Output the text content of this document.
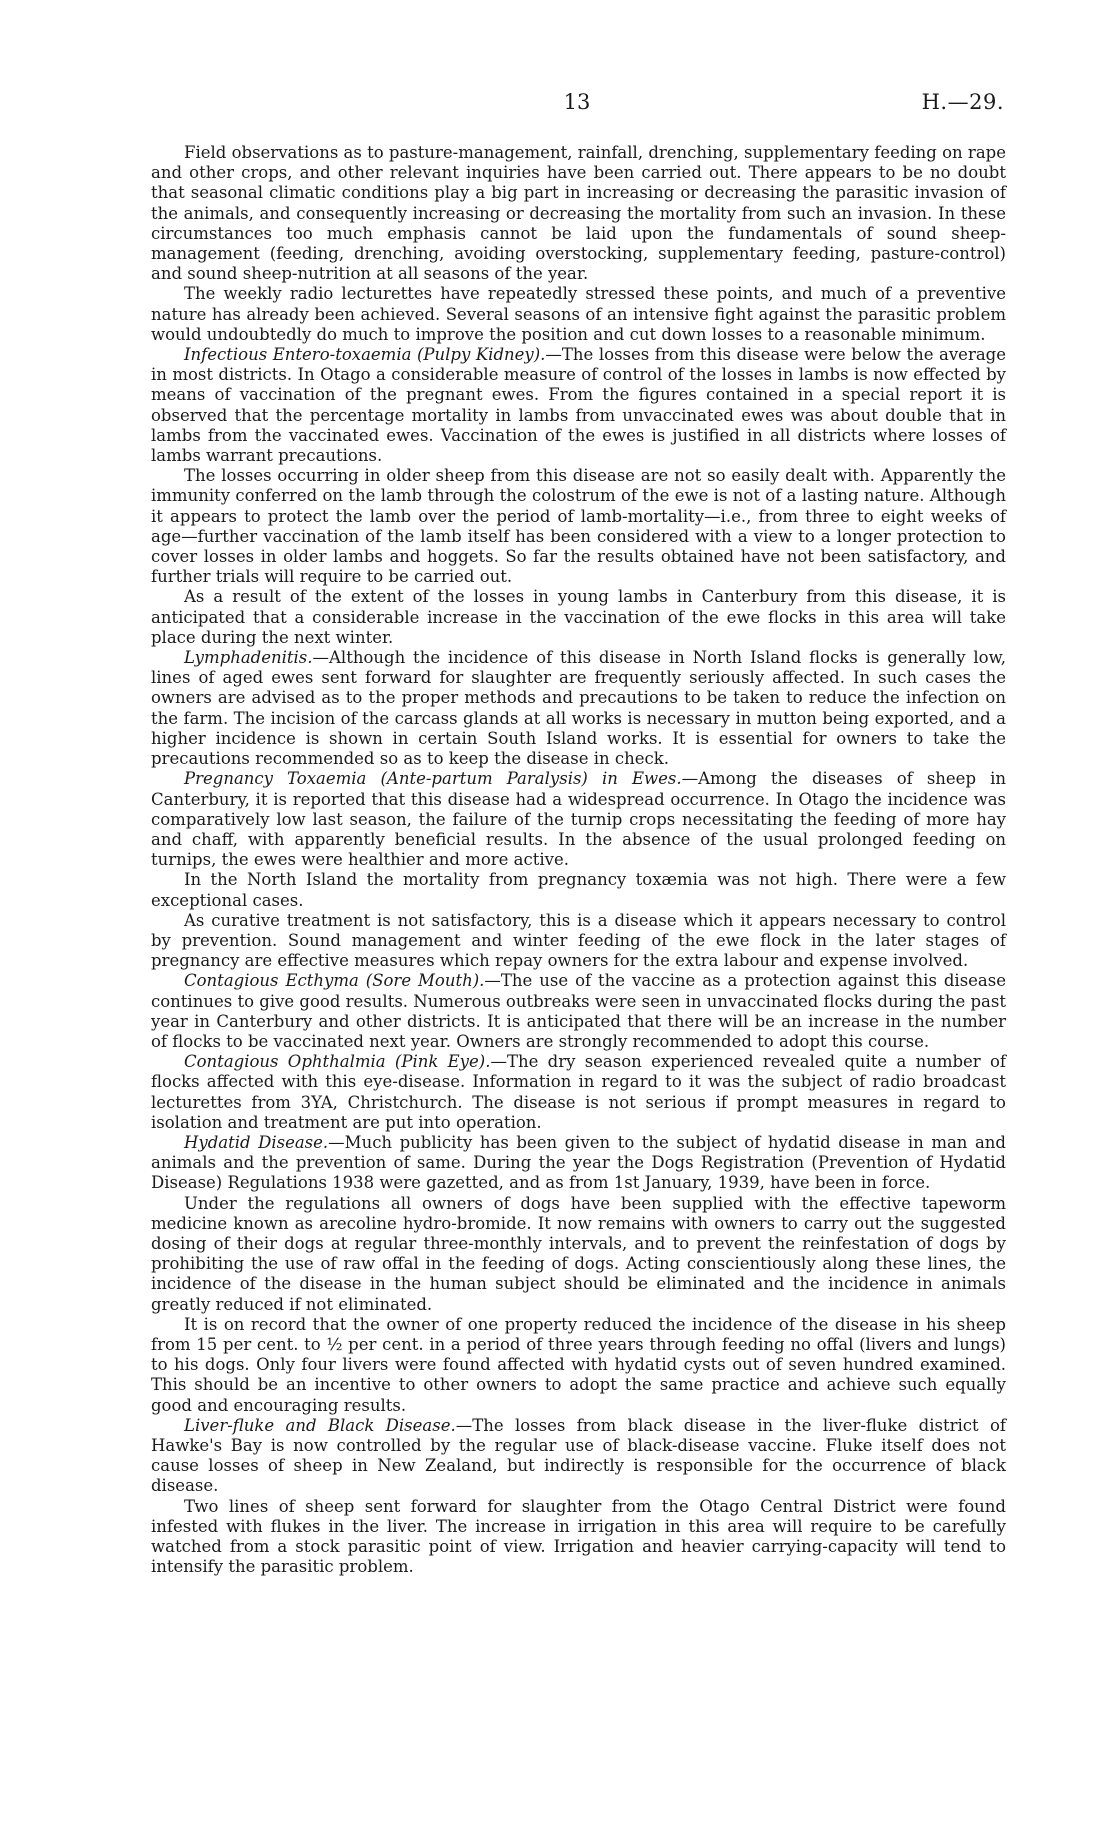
13	H.—29.

Field observations as to pasture-management, rainfall, drenching, supplementary feeding on rape and other crops, and other relevant inquiries have been carried out. There appears to be no doubt that seasonal climatic conditions play a big part in increasing or decreasing the parasitic invasion of the animals, and consequently increasing or decreasing the mortality from such an invasion. In these circumstances too much emphasis cannot be laid upon the fundamentals of sound sheep-management (feeding, drenching, avoiding overstocking, supplementary feeding, pasture-control) and sound sheep-nutrition at all seasons of the year.

The weekly radio lecturettes have repeatedly stressed these points, and much of a preventive nature has already been achieved. Several seasons of an intensive fight against the parasitic problem would undoubtedly do much to improve the position and cut down losses to a reasonable minimum.

Infectious Entero-toxaemia (Pulpy Kidney).—The losses from this disease were below the average in most districts. In Otago a considerable measure of control of the losses in lambs is now effected by means of vaccination of the pregnant ewes. From the figures contained in a special report it is observed that the percentage mortality in lambs from unvaccinated ewes was about double that in lambs from the vaccinated ewes. Vaccination of the ewes is justified in all districts where losses of lambs warrant precautions.

The losses occurring in older sheep from this disease are not so easily dealt with. Apparently the immunity conferred on the lamb through the colostrum of the ewe is not of a lasting nature. Although it appears to protect the lamb over the period of lamb-mortality—i.e., from three to eight weeks of age—further vaccination of the lamb itself has been considered with a view to a longer protection to cover losses in older lambs and hoggets. So far the results obtained have not been satisfactory, and further trials will require to be carried out.

As a result of the extent of the losses in young lambs in Canterbury from this disease, it is anticipated that a considerable increase in the vaccination of the ewe flocks in this area will take place during the next winter.

Lymphadenitis.—Although the incidence of this disease in North Island flocks is generally low, lines of aged ewes sent forward for slaughter are frequently seriously affected. In such cases the owners are advised as to the proper methods and precautions to be taken to reduce the infection on the farm. The incision of the carcass glands at all works is necessary in mutton being exported, and a higher incidence is shown in certain South Island works. It is essential for owners to take the precautions recommended so as to keep the disease in check.

Pregnancy Toxaemia (Ante-partum Paralysis) in Ewes.—Among the diseases of sheep in Canterbury, it is reported that this disease had a widespread occurrence. In Otago the incidence was comparatively low last season, the failure of the turnip crops necessitating the feeding of more hay and chaff, with apparently beneficial results. In the absence of the usual prolonged feeding on turnips, the ewes were healthier and more active.

In the North Island the mortality from pregnancy toxæmia was not high. There were a few exceptional cases.

As curative treatment is not satisfactory, this is a disease which it appears necessary to control by prevention. Sound management and winter feeding of the ewe flock in the later stages of pregnancy are effective measures which repay owners for the extra labour and expense involved.

Contagious Ecthyma (Sore Mouth).—The use of the vaccine as a protection against this disease continues to give good results. Numerous outbreaks were seen in unvaccinated flocks during the past year in Canterbury and other districts. It is anticipated that there will be an increase in the number of flocks to be vaccinated next year. Owners are strongly recommended to adopt this course.

Contagious Ophthalmia (Pink Eye).—The dry season experienced revealed quite a number of flocks affected with this eye-disease. Information in regard to it was the subject of radio broadcast lecturettes from 3YA, Christchurch. The disease is not serious if prompt measures in regard to isolation and treatment are put into operation.

Hydatid Disease.—Much publicity has been given to the subject of hydatid disease in man and animals and the prevention of same. During the year the Dogs Registration (Prevention of Hydatid Disease) Regulations 1938 were gazetted, and as from 1st January, 1939, have been in force.

Under the regulations all owners of dogs have been supplied with the effective tapeworm medicine known as arecoline hydro-bromide. It now remains with owners to carry out the suggested dosing of their dogs at regular three-monthly intervals, and to prevent the reinfestation of dogs by prohibiting the use of raw offal in the feeding of dogs. Acting conscientiously along these lines, the incidence of the disease in the human subject should be eliminated and the incidence in animals greatly reduced if not eliminated.

It is on record that the owner of one property reduced the incidence of the disease in his sheep from 15 per cent. to ½ per cent. in a period of three years through feeding no offal (livers and lungs) to his dogs. Only four livers were found affected with hydatid cysts out of seven hundred examined. This should be an incentive to other owners to adopt the same practice and achieve such equally good and encouraging results.

Liver-fluke and Black Disease.—The losses from black disease in the liver-fluke district of Hawke's Bay is now controlled by the regular use of black-disease vaccine. Fluke itself does not cause losses of sheep in New Zealand, but indirectly is responsible for the occurrence of black disease.

Two lines of sheep sent forward for slaughter from the Otago Central District were found infested with flukes in the liver. The increase in irrigation in this area will require to be carefully watched from a stock parasitic point of view. Irrigation and heavier carrying-capacity will tend to intensify the parasitic problem.
